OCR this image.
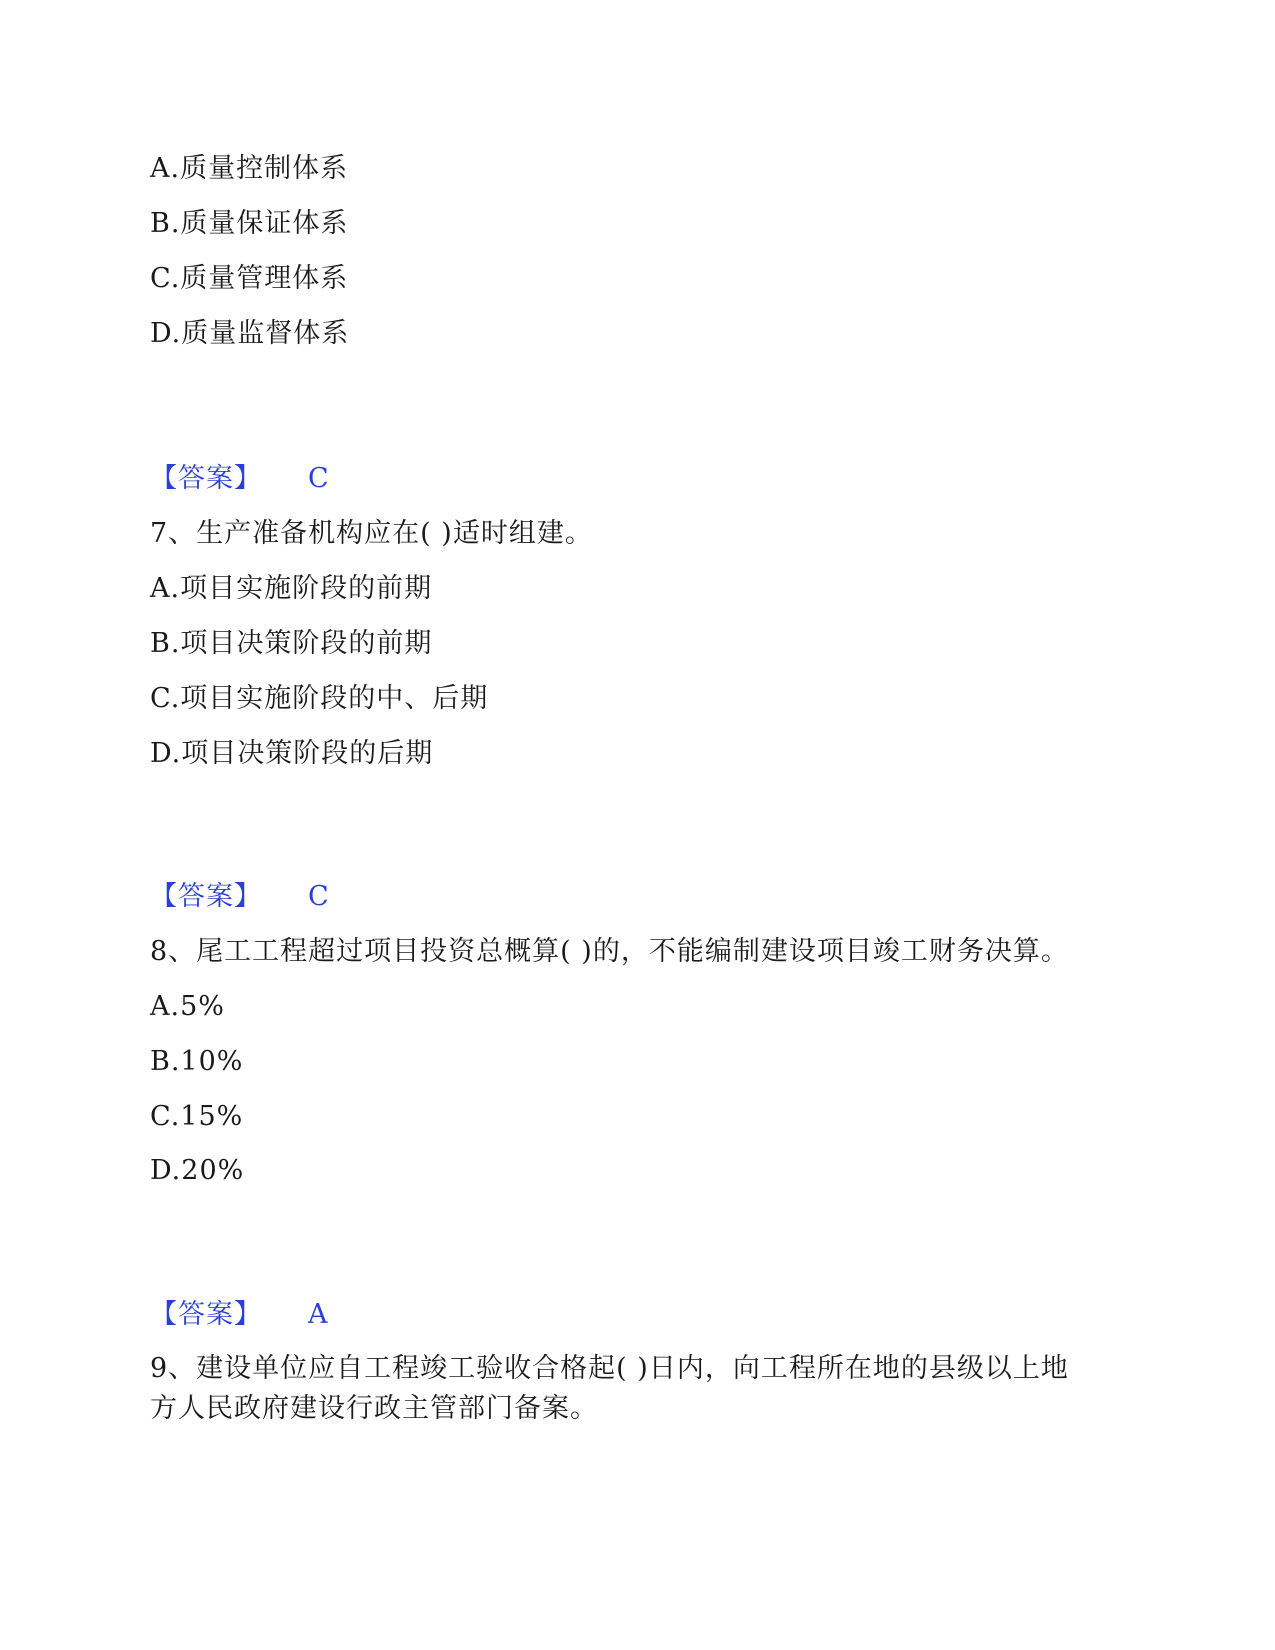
A.质量控制体系
B.质量保证体系
C.质量管理体系
D.质量监督体系
【答案】 C
7、生产准备机构应在( )适时组建。
A.项目实施阶段的前期
B.项目决策阶段的前期
C.项目实施阶段的中、后期
D.项目决策阶段的后期
【答案】 C
8、尾工工程超过项目投资总概算( )的，不能编制建设项目竣工财务决算。
A.5%
B.10%
C.15%
D.20%
【答案】 A
9、建设单位应自工程竣工验收合格起( )日内，向工程所在地的县级以上地
方人民政府建设行政主管部门备案。
